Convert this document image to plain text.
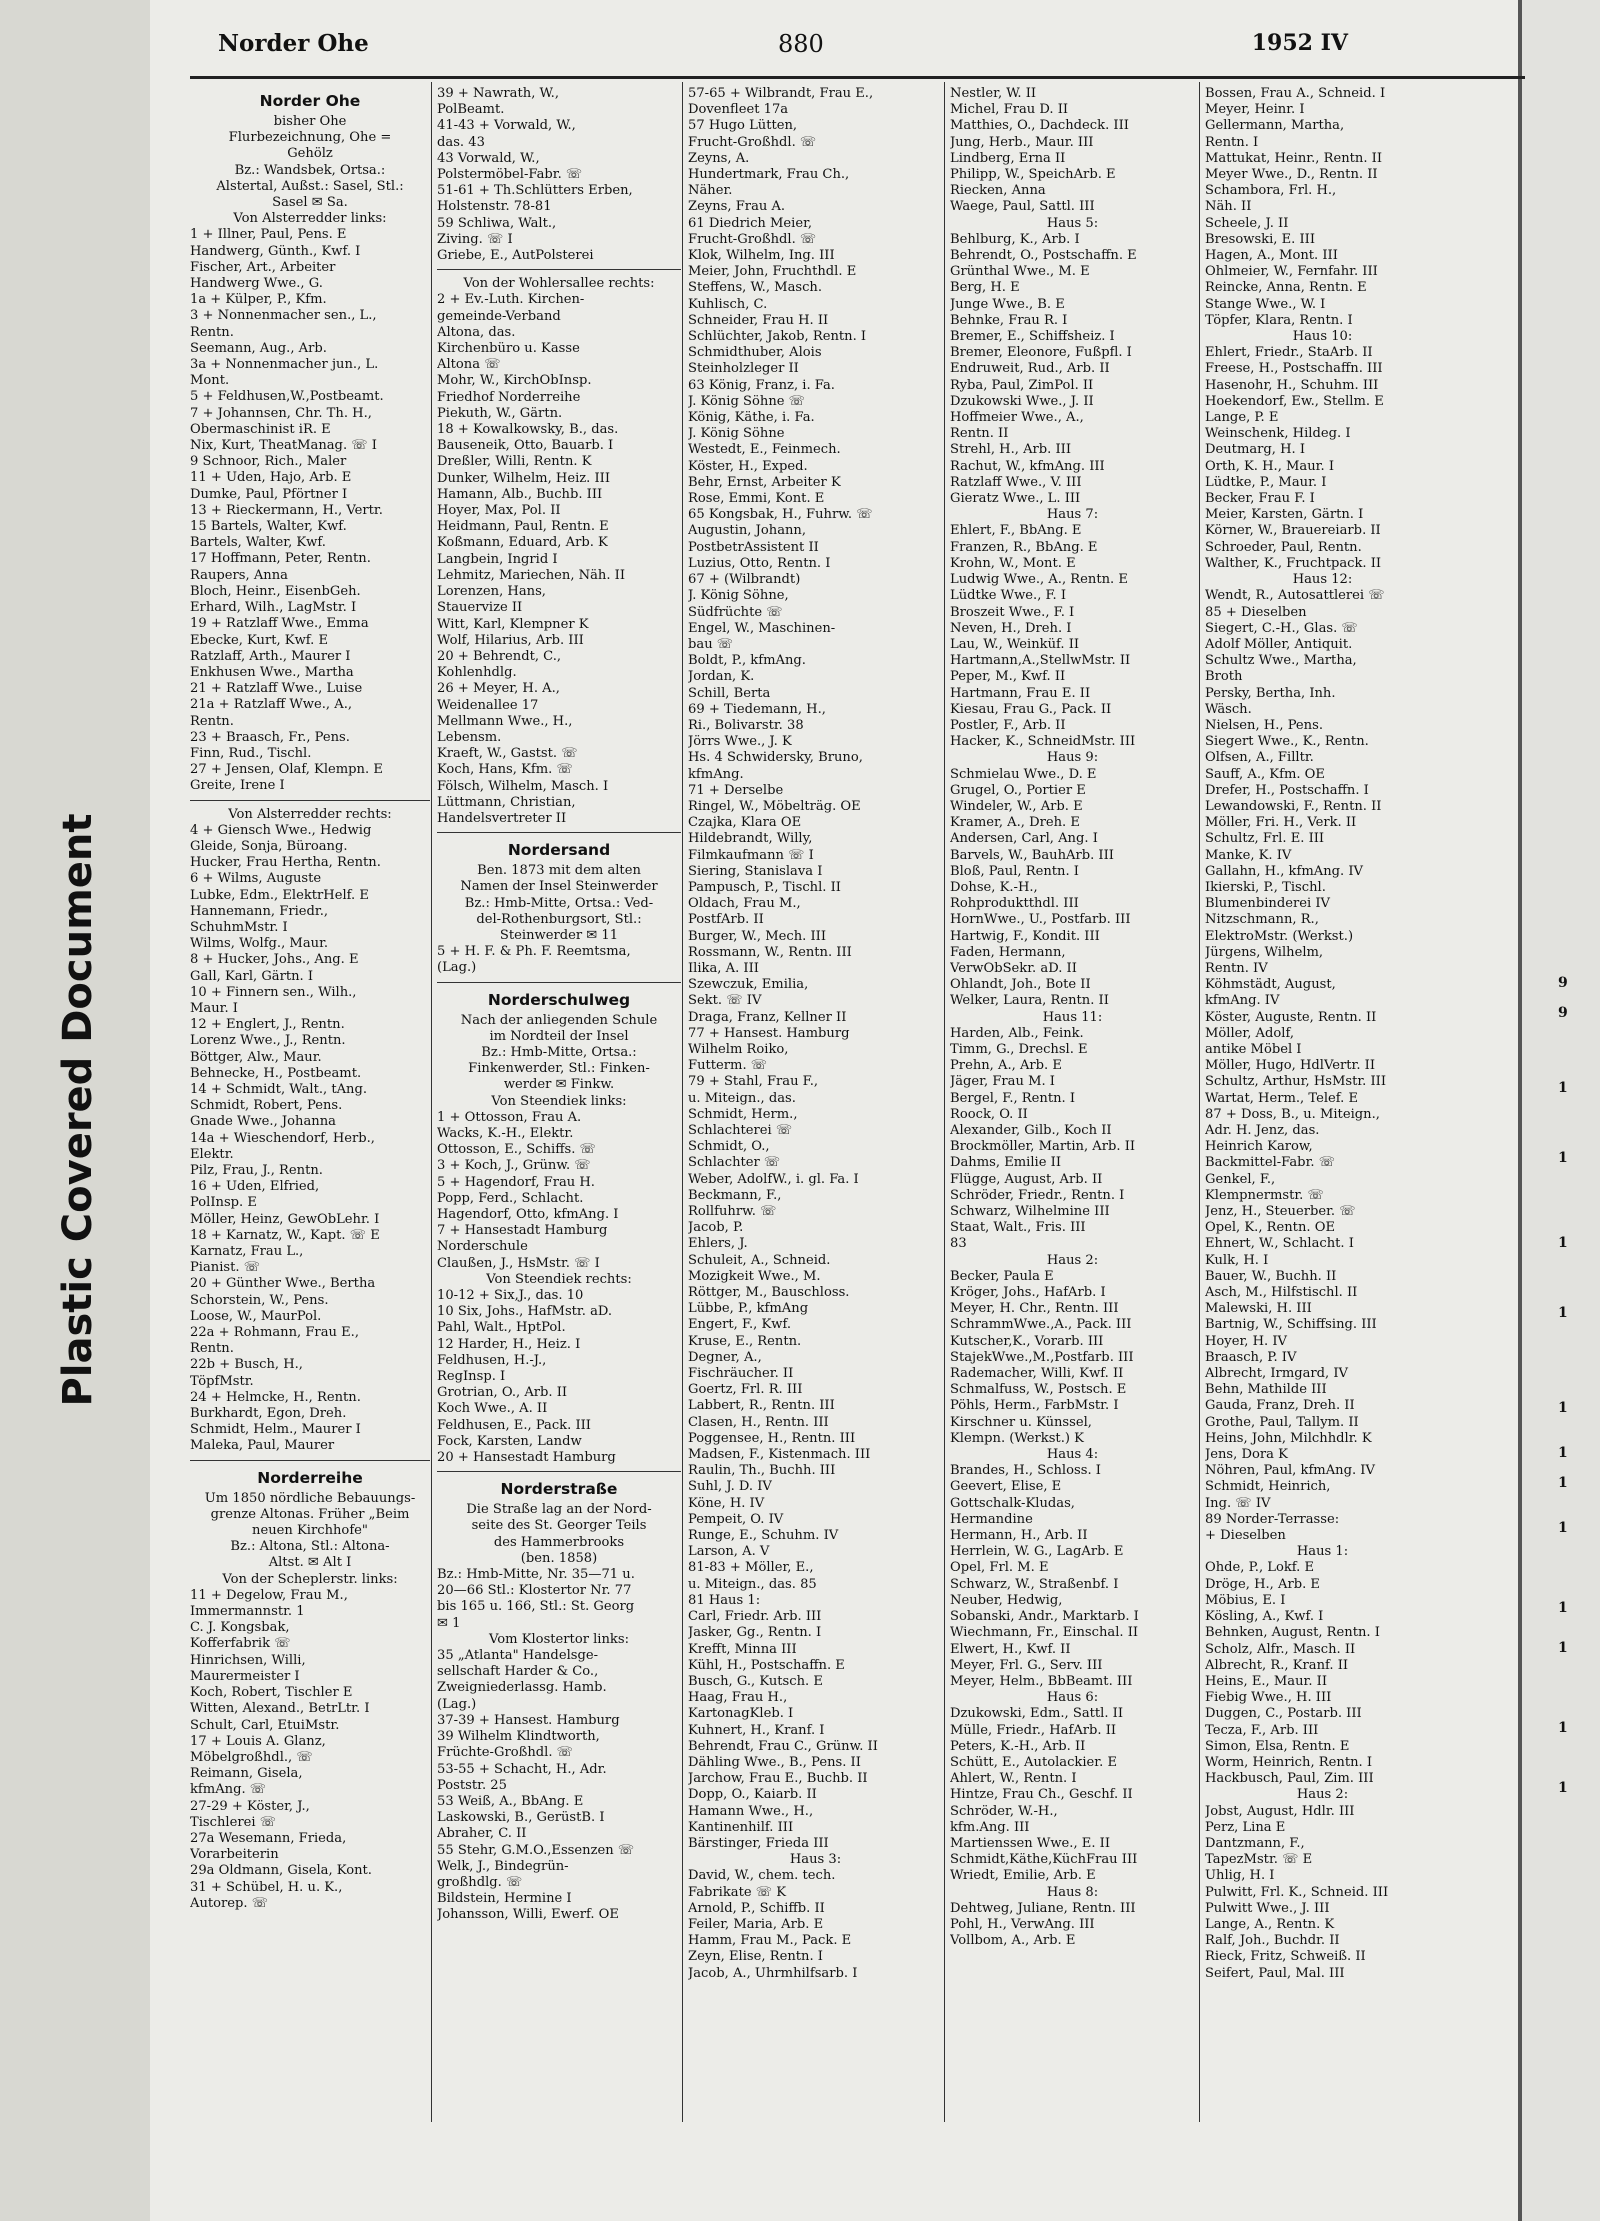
Plastic Covered Document	9
9
1
1
1
1
1
1
1
1
1
1
1
1
Norder Ohe	880	1952 IV
Norder Ohe
bisher Ohe
Flurbezeichnung, Ohe =
Gehölz
Bz.: Wandsbek, Ortsa.:
Alstertal, Außst.: Sasel, Stl.:
Sasel ✉ Sa.
Von Alsterredder links:
1 + Illner, Paul, Pens. E
Handwerg, Günth., Kwf. I
Fischer, Art., Arbeiter
Handwerg Wwe., G.
1a + Külper, P., Kfm.
3 + Nonnenmacher sen., L.,
Rentn.
Seemann, Aug., Arb.
3a + Nonnenmacher jun., L.
Mont.
5 + Feldhusen,W.,Postbeamt.
7 + Johannsen, Chr. Th. H.,
Obermaschinist iR. E
Nix, Kurt, TheatManag. ☏ I
9 Schnoor, Rich., Maler
11 + Uden, Hajo, Arb. E
Dumke, Paul, Pförtner I
13 + Rieckermann, H., Vertr.
15 Bartels, Walter, Kwf.
Bartels, Walter, Kwf.
17 Hoffmann, Peter, Rentn.
Raupers, Anna
Bloch, Heinr., EisenbGeh.
Erhard, Wilh., LagMstr. I
19 + Ratzlaff Wwe., Emma
Ebecke, Kurt, Kwf. E
Ratzlaff, Arth., Maurer I
Enkhusen Wwe., Martha
21 + Ratzlaff Wwe., Luise
21a + Ratzlaff Wwe., A.,
Rentn.
23 + Braasch, Fr., Pens.
Finn, Rud., Tischl.
27 + Jensen, Olaf, Klempn. E
Greite, Irene I
Von Alsterredder rechts:
4 + Giensch Wwe., Hedwig
Gleide, Sonja, Büroang.
Hucker, Frau Hertha, Rentn.
6 + Wilms, Auguste
Lubke, Edm., ElektrHelf. E
Hannemann, Friedr.,
SchuhmMstr. I
Wilms, Wolfg., Maur.
8 + Hucker, Johs., Ang. E
Gall, Karl, Gärtn. I
10 + Finnern sen., Wilh.,
Maur. I
12 + Englert, J., Rentn.
Lorenz Wwe., J., Rentn.
Böttger, Alw., Maur.
Behnecke, H., Postbeamt.
14 + Schmidt, Walt., tAng.
Schmidt, Robert, Pens.
Gnade Wwe., Johanna
14a + Wieschendorf, Herb.,
Elektr.
Pilz, Frau, J., Rentn.
16 + Uden, Elfried,
PolInsp. E
Möller, Heinz, GewObLehr. I
18 + Karnatz, W., Kapt. ☏ E
Karnatz, Frau L.,
Pianist. ☏
20 + Günther Wwe., Bertha
Schorstein, W., Pens.
Loose, W., MaurPol.
22a + Rohmann, Frau E.,
Rentn.
22b + Busch, H.,
TöpfMstr.
24 + Helmcke, H., Rentn.
Burkhardt, Egon, Dreh.
Schmidt, Helm., Maurer I
Maleka, Paul, Maurer
Norderreihe
Um 1850 nördliche Bebauungs-
grenze Altonas. Früher „Beim
neuen Kirchhofe"
Bz.: Altona, Stl.: Altona-
Altst. ✉ Alt I
Von der Scheplerstr. links:
11 + Degelow, Frau M.,
Immermannstr. 1
C. J. Kongsbak,
Kofferfabrik ☏
Hinrichsen, Willi,
Maurermeister I
Koch, Robert, Tischler E
Witten, Alexand., BetrLtr. I
Schult, Carl, EtuiMstr.
17 + Louis A. Glanz,
Möbelgroßhdl., ☏
Reimann, Gisela,
kfmAng. ☏
27-29 + Köster, J.,
Tischlerei ☏
27a Wesemann, Frieda,
Vorarbeiterin
29a Oldmann, Gisela, Kont.
31 + Schübel, H. u. K.,
Autorep. ☏
39 + Nawrath, W.,
PolBeamt.
41-43 + Vorwald, W.,
das. 43
43 Vorwald, W.,
Polstermöbel-Fabr. ☏
51-61 + Th.Schlütters Erben,
Holstenstr. 78-81
59 Schliwa, Walt.,
Ziving. ☏ I
Griebe, E., AutPolsterei
Von der Wohlersallee rechts:
2 + Ev.-Luth. Kirchen-
gemeinde-Verband
Altona, das.
Kirchenbüro u. Kasse
Altona ☏
Mohr, W., KirchObInsp.
Friedhof Norderreihe
Piekuth, W., Gärtn.
18 + Kowalkowsky, B., das.
Bauseneik, Otto, Bauarb. I
Dreßler, Willi, Rentn. K
Dunker, Wilhelm, Heiz. III
Hamann, Alb., Buchb. III
Hoyer, Max, Pol. II
Heidmann, Paul, Rentn. E
Koßmann, Eduard, Arb. K
Langbein, Ingrid I
Lehmitz, Mariechen, Näh. II
Lorenzen, Hans,
Stauervize II
Witt, Karl, Klempner K
Wolf, Hilarius, Arb. III
20 + Behrendt, C.,
Kohlenhdlg.
26 + Meyer, H. A.,
Weidenallee 17
Mellmann Wwe., H.,
Lebensm.
Kraeft, W., Gastst. ☏
Koch, Hans, Kfm. ☏
Fölsch, Wilhelm, Masch. I
Lüttmann, Christian,
Handelsvertreter II
Nordersand
Ben. 1873 mit dem alten
Namen der Insel Steinwerder
Bz.: Hmb-Mitte, Ortsa.: Ved-
del-Rothenburgsort, Stl.:
Steinwerder ✉ 11
5 + H. F. & Ph. F. Reemtsma,
(Lag.)
Norderschulweg
Nach der anliegenden Schule
im Nordteil der Insel
Bz.: Hmb-Mitte, Ortsa.:
Finkenwerder, Stl.: Finken-
werder ✉ Finkw.
Von Steendiek links:
1 + Ottosson, Frau A.
Wacks, K.-H., Elektr.
Ottosson, E., Schiffs. ☏
3 + Koch, J., Grünw. ☏
5 + Hagendorf, Frau H.
Popp, Ferd., Schlacht.
Hagendorf, Otto, kfmAng. I
7 + Hansestadt Hamburg
Norderschule
Claußen, J., HsMstr. ☏ I
Von Steendiek rechts:
10-12 + Six,J., das. 10
10 Six, Johs., HafMstr. aD.
Pahl, Walt., HptPol.
12 Harder, H., Heiz. I
Feldhusen, H.-J.,
RegInsp. I
Grotrian, O., Arb. II
Koch Wwe., A. II
Feldhusen, E., Pack. III
Fock, Karsten, Landw
20 + Hansestadt Hamburg
Norderstraße
Die Straße lag an der Nord-
seite des St. Georger Teils
des Hammerbrooks
(ben. 1858)
Bz.: Hmb-Mitte, Nr. 35—71 u.
20—66 Stl.: Klostertor Nr. 77
bis 165 u. 166, Stl.: St. Georg
✉ 1
Vom Klostertor links:
35 „Atlanta" Handelsge-
sellschaft Harder & Co.,
Zweigniederlassg. Hamb.
(Lag.)
37-39 + Hansest. Hamburg
39 Wilhelm Klindtworth,
Früchte-Großhdl. ☏
53-55 + Schacht, H., Adr.
Poststr. 25
53 Weiß, A., BbAng. E
Laskowski, B., GerüstB. I
Abraher, C. II
55 Stehr, G.M.O.,Essenzen ☏
Welk, J., Bindegrün-
großhdlg. ☏
Bildstein, Hermine I
Johansson, Willi, Ewerf. OE
57-65 + Wilbrandt, Frau E.,
Dovenfleet 17a
57 Hugo Lütten,
Frucht-Großhdl. ☏
Zeyns, A.
Hundertmark, Frau Ch.,
Näher.
Zeyns, Frau A.
61 Diedrich Meier,
Frucht-Großhdl. ☏
Klok, Wilhelm, Ing. III
Meier, John, Fruchthdl. E
Steffens, W., Masch.
Kuhlisch, C.
Schneider, Frau H. II
Schlüchter, Jakob, Rentn. I
Schmidthuber, Alois
Steinholzleger II
63 König, Franz, i. Fa.
J. König Söhne ☏
König, Käthe, i. Fa.
J. König Söhne
Westedt, E., Feinmech.
Köster, H., Exped.
Behr, Ernst, Arbeiter K
Rose, Emmi, Kont. E
65 Kongsbak, H., Fuhrw. ☏
Augustin, Johann,
PostbetrAssistent II
Luzius, Otto, Rentn. I
67 + (Wilbrandt)
J. König Söhne,
Südfrüchte ☏
Engel, W., Maschinen-
bau ☏
Boldt, P., kfmAng.
Jordan, K.
Schill, Berta
69 + Tiedemann, H.,
Ri., Bolivarstr. 38
Jörrs Wwe., J. K
Hs. 4 Schwidersky, Bruno,
kfmAng.
71 + Derselbe
Ringel, W., Möbelträg. OE
Czajka, Klara OE
Hildebrandt, Willy,
Filmkaufmann ☏ I
Siering, Stanislava I
Pampusch, P., Tischl. II
Oldach, Frau M.,
PostfArb. II
Burger, W., Mech. III
Rossmann, W., Rentn. III
Ilika, A. III
Szewczuk, Emilia,
Sekt. ☏ IV
Draga, Franz, Kellner II
77 + Hansest. Hamburg
Wilhelm Roiko,
Futterm. ☏
79 + Stahl, Frau F.,
u. Miteign., das.
Schmidt, Herm.,
Schlachterei ☏
Schmidt, O.,
Schlachter ☏
Weber, AdolfW., i. gl. Fa. I
Beckmann, F.,
Rollfuhrw. ☏
Jacob, P.
Ehlers, J.
Schuleit, A., Schneid.
Mozigkeit Wwe., M.
Röttger, M., Bauschloss.
Lübbe, P., kfmAng
Engert, F., Kwf.
Kruse, E., Rentn.
Degner, A.,
Fischräucher. II
Goertz, Frl. R. III
Labbert, R., Rentn. III
Clasen, H., Rentn. III
Poggensee, H., Rentn. III
Madsen, F., Kistenmach. III
Raulin, Th., Buchh. III
Suhl, J. D. IV
Köne, H. IV
Pempeit, O. IV
Runge, E., Schuhm. IV
Larson, A. V
81-83 + Möller, E.,
u. Miteign., das. 85
81 Haus 1:
Carl, Friedr. Arb. III
Jasker, Gg., Rentn. I
Krefft, Minna III
Kühl, H., Postschaffn. E
Busch, G., Kutsch. E
Haag, Frau H.,
KartonagKleb. I
Kuhnert, H., Kranf. I
Behrendt, Frau C., Grünw. II
Dähling Wwe., B., Pens. II
Jarchow, Frau E., Buchb. II
Dopp, O., Kaiarb. II
Hamann Wwe., H.,
Kantinenhilf. III
Bärstinger, Frieda III
Haus 3:
David, W., chem. tech.
Fabrikate ☏ K
Arnold, P., Schiffb. II
Feiler, Maria, Arb. E
Hamm, Frau M., Pack. E
Zeyn, Elise, Rentn. I
Jacob, A., Uhrmhilfsarb. I
Nestler, W. II
Michel, Frau D. II
Matthies, O., Dachdeck. III
Jung, Herb., Maur. III
Lindberg, Erna II
Philipp, W., SpeichArb. E
Riecken, Anna
Waege, Paul, Sattl. III
Haus 5:
Behlburg, K., Arb. I
Behrendt, O., Postschaffn. E
Grünthal Wwe., M. E
Berg, H. E
Junge Wwe., B. E
Behnke, Frau R. I
Bremer, E., Schiffsheiz. I
Bremer, Eleonore, Fußpfl. I
Endruweit, Rud., Arb. II
Ryba, Paul, ZimPol. II
Dzukowski Wwe., J. II
Hoffmeier Wwe., A.,
Rentn. II
Strehl, H., Arb. III
Rachut, W., kfmAng. III
Ratzlaff Wwe., V. III
Gieratz Wwe., L. III
Haus 7:
Ehlert, F., BbAng. E
Franzen, R., BbAng. E
Krohn, W., Mont. E
Ludwig Wwe., A., Rentn. E
Lüdtke Wwe., F. I
Broszeit Wwe., F. I
Neven, H., Dreh. I
Lau, W., Weinküf. II
Hartmann,A.,StellwMstr. II
Peper, M., Kwf. II
Hartmann, Frau E. II
Kiesau, Frau G., Pack. II
Postler, F., Arb. II
Hacker, K., SchneidMstr. III
Haus 9:
Schmielau Wwe., D. E
Grugel, O., Portier E
Windeler, W., Arb. E
Kramer, A., Dreh. E
Andersen, Carl, Ang. I
Barvels, W., BauhArb. III
Bloß, Paul, Rentn. I
Dohse, K.-H.,
Rohproduktthdl. III
HornWwe., U., Postfarb. III
Hartwig, F., Kondit. III
Faden, Hermann,
VerwObSekr. aD. II
Ohlandt, Joh., Bote II
Welker, Laura, Rentn. II
Haus 11:
Harden, Alb., Feink.
Timm, G., Drechsl. E
Prehn, A., Arb. E
Jäger, Frau M. I
Bergel, F., Rentn. I
Roock, O. II
Alexander, Gilb., Koch II
Brockmöller, Martin, Arb. II
Dahms, Emilie II
Flügge, August, Arb. II
Schröder, Friedr., Rentn. I
Schwarz, Wilhelmine III
Staat, Walt., Fris. III
83
Haus 2:
Becker, Paula E
Kröger, Johs., HafArb. I
Meyer, H. Chr., Rentn. III
SchrammWwe.,A., Pack. III
Kutscher,K., Vorarb. III
StajekWwe.,M.,Postfarb. III
Rademacher, Willi, Kwf. II
Schmalfuss, W., Postsch. E
Pöhls, Herm., FarbMstr. I
Kirschner u. Künssel,
Klempn. (Werkst.) K
Haus 4:
Brandes, H., Schloss. I
Geevert, Elise, E
Gottschalk-Kludas,
Hermandine
Hermann, H., Arb. II
Herrlein, W. G., LagArb. E
Opel, Frl. M. E
Schwarz, W., Straßenbf. I
Neuber, Hedwig,
Sobanski, Andr., Marktarb. I
Wiechmann, Fr., Einschal. II
Elwert, H., Kwf. II
Meyer, Frl. G., Serv. III
Meyer, Helm., BbBeamt. III
Haus 6:
Dzukowski, Edm., Sattl. II
Mülle, Friedr., HafArb. II
Peters, K.-H., Arb. II
Schütt, E., Autolackier. E
Ahlert, W., Rentn. I
Hintze, Frau Ch., Geschf. II
Schröder, W.-H.,
kfm.Ang. III
Martienssen Wwe., E. II
Schmidt,Käthe,KüchFrau III
Wriedt, Emilie, Arb. E
Haus 8:
Dehtweg, Juliane, Rentn. III
Pohl, H., VerwAng. III
Vollbom, A., Arb. E
Bossen, Frau A., Schneid. I
Meyer, Heinr. I
Gellermann, Martha,
Rentn. I
Mattukat, Heinr., Rentn. II
Meyer Wwe., D., Rentn. II
Schambora, Frl. H.,
Näh. II
Scheele, J. II
Bresowski, E. III
Hagen, A., Mont. III
Ohlmeier, W., Fernfahr. III
Reincke, Anna, Rentn. E
Stange Wwe., W. I
Töpfer, Klara, Rentn. I
Haus 10:
Ehlert, Friedr., StaArb. II
Freese, H., Postschaffn. III
Hasenohr, H., Schuhm. III
Hoekendorf, Ew., Stellm. E
Lange, P. E
Weinschenk, Hildeg. I
Deutmarg, H. I
Orth, K. H., Maur. I
Lüdtke, P., Maur. I
Becker, Frau F. I
Meier, Karsten, Gärtn. I
Körner, W., Brauereiarb. II
Schroeder, Paul, Rentn.
Walther, K., Fruchtpack. II
Haus 12:
Wendt, R., Autosattlerei ☏
85 + Dieselben
Siegert, C.-H., Glas. ☏
Adolf Möller, Antiquit.
Schultz Wwe., Martha,
Broth
Persky, Bertha, Inh.
Wäsch.
Nielsen, H., Pens.
Siegert Wwe., K., Rentn.
Olfsen, A., Filltr.
Sauff, A., Kfm. OE
Drefer, H., Postschaffn. I
Lewandowski, F., Rentn. II
Möller, Fri. H., Verk. II
Schultz, Frl. E. III
Manke, K. IV
Gallahn, H., kfmAng. IV
Ikierski, P., Tischl.
Blumenbinderei IV
Nitzschmann, R.,
ElektroMstr. (Werkst.)
Jürgens, Wilhelm,
Rentn. IV
Köhmstädt, August,
kfmAng. IV
Köster, Auguste, Rentn. II
Möller, Adolf,
antike Möbel I
Möller, Hugo, HdlVertr. II
Schultz, Arthur, HsMstr. III
Wartat, Herm., Telef. E
87 + Doss, B., u. Miteign.,
Adr. H. Jenz, das.
Heinrich Karow,
Backmittel-Fabr. ☏
Genkel, F.,
Klempnermstr. ☏
Jenz, H., Steuerber. ☏
Opel, K., Rentn. OE
Ehnert, W., Schlacht. I
Kulk, H. I
Bauer, W., Buchh. II
Asch, M., Hilfstischl. II
Malewski, H. III
Bartnig, W., Schiffsing. III
Hoyer, H. IV
Braasch, P. IV
Albrecht, Irmgard, IV
Behn, Mathilde III
Gauda, Franz, Dreh. II
Grothe, Paul, Tallym. II
Heins, John, Milchhdlr. K
Jens, Dora K
Nöhren, Paul, kfmAng. IV
Schmidt, Heinrich,
Ing. ☏ IV
89 Norder-Terrasse:
+ Dieselben
Haus 1:
Ohde, P., Lokf. E
Dröge, H., Arb. E
Möbius, E. I
Kösling, A., Kwf. I
Behnken, August, Rentn. I
Scholz, Alfr., Masch. II
Albrecht, R., Kranf. II
Heins, E., Maur. II
Fiebig Wwe., H. III
Duggen, C., Postarb. III
Tecza, F., Arb. III
Simon, Elsa, Rentn. E
Worm, Heinrich, Rentn. I
Hackbusch, Paul, Zim. III
Haus 2:
Jobst, August, Hdlr. III
Perz, Lina E
Dantzmann, F.,
TapezMstr. ☏ E
Uhlig, H. I
Pulwitt, Frl. K., Schneid. III
Pulwitt Wwe., J. III
Lange, A., Rentn. K
Ralf, Joh., Buchdr. II
Rieck, Fritz, Schweiß. II
Seifert, Paul, Mal. III
